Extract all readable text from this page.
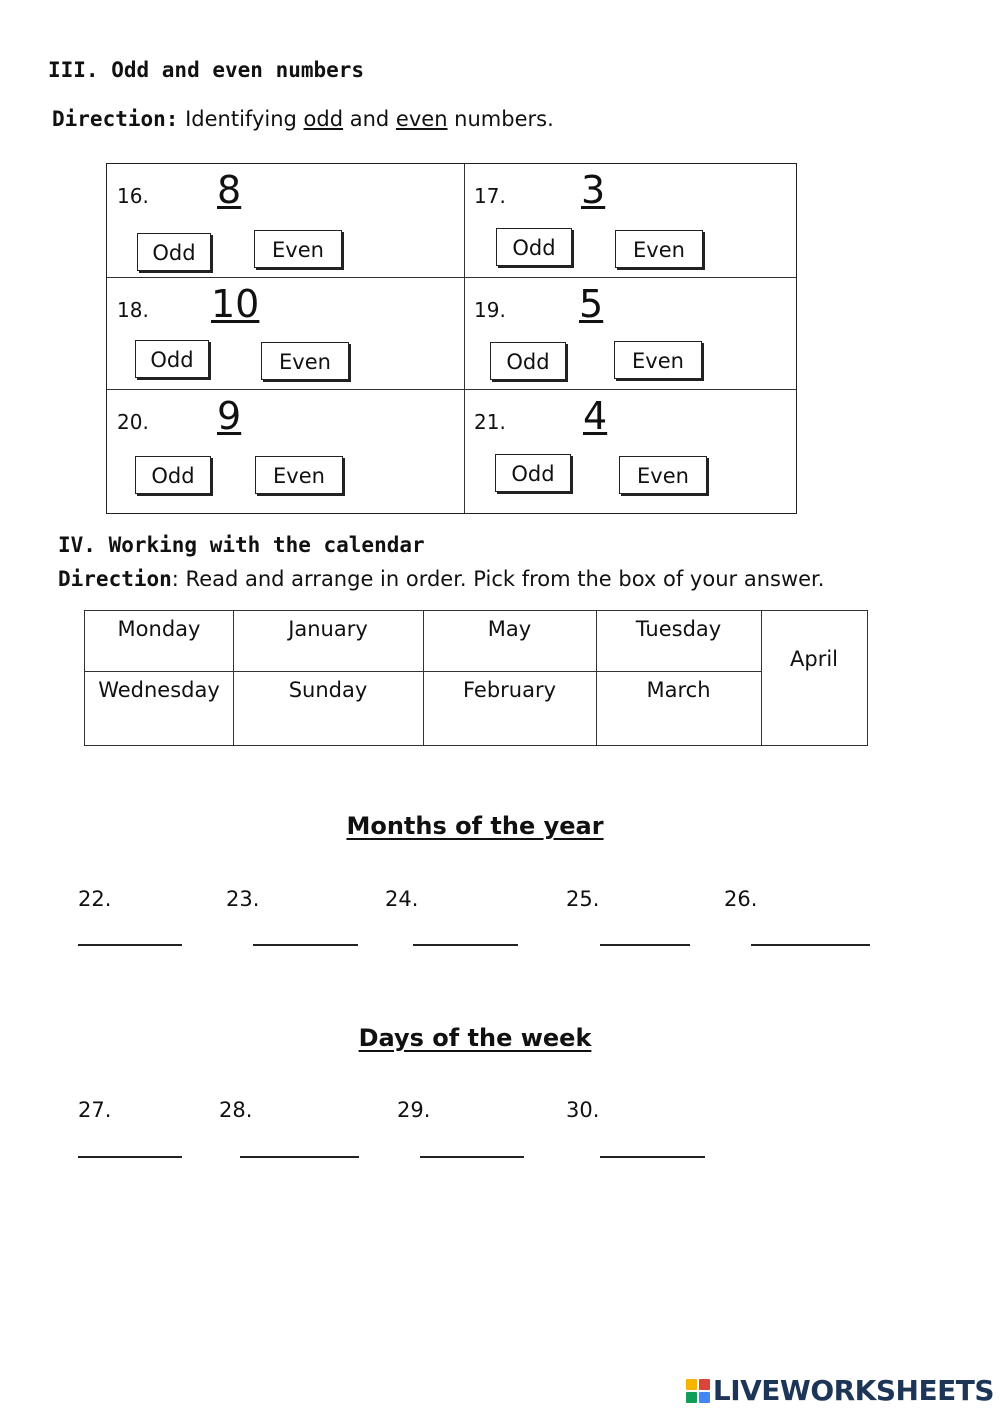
III. Odd and even numbers
Direction: Identifying odd and even numbers.
16. 8
Odd	Even
17. 3
Odd	Even
18. 10
Odd	Even
19. 5
Odd	Even
20. 9
Odd	Even
21. 4
Odd	Even
IV. Working with the calendar
Direction: Read and arrange in order. Pick from the box of your answer.
Monday	January	May	Tuesday
Wednesday	Sunday	February	March
April
Months of the year
22.	23.	24.	25.	26.
Days of the week
27.	28.	29.	30.
LIVEWORKSHEETS
